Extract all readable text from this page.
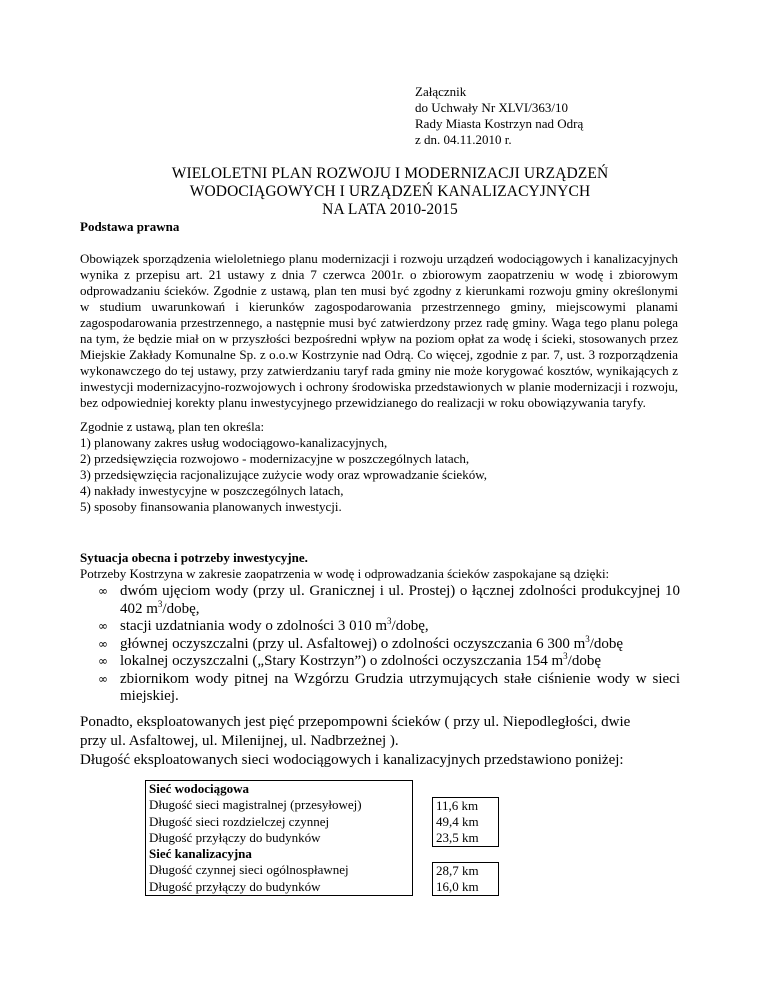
Załącznik
do Uchwały Nr XLVI/363/10
Rady Miasta Kostrzyn nad Odrą
z dn. 04.11.2010 r.
WIELOLETNI PLAN ROZWOJU I MODERNIZACJI URZĄDZEŃ
WODOCIĄGOWYCH I URZĄDZEŃ KANALIZACYJNYCH
NA LATA 2010-2015
Podstawa prawna
Obowiązek sporządzenia wieloletniego planu modernizacji i rozwoju urządzeń wodociągowych i kanalizacyjnych wynika z przepisu art. 21 ustawy z dnia 7 czerwca 2001r. o zbiorowym zaopatrzeniu w wodę i zbiorowym odprowadzaniu ścieków. Zgodnie z ustawą, plan ten musi być zgodny z kierunkami rozwoju gminy określonymi w studium uwarunkowań i kierunków zagospodarowania przestrzennego gminy, miejscowymi planami zagospodarowania przestrzennego, a następnie musi być zatwierdzony przez radę gminy. Waga tego planu polega na tym, że będzie miał on w przyszłości bezpośredni wpływ na poziom opłat za wodę i ścieki, stosowanych przez Miejskie Zakłady Komunalne Sp. z o.o.w Kostrzynie nad Odrą. Co więcej, zgodnie z par. 7, ust. 3 rozporządzenia wykonawczego do tej ustawy, przy zatwierdzaniu taryf rada gminy nie może korygować kosztów, wynikających z inwestycji modernizacyjno-rozwojowych i ochrony środowiska przedstawionych w planie modernizacji i rozwoju, bez odpowiedniej korekty planu inwestycyjnego przewidzianego do realizacji w roku obowiązywania taryfy.
Zgodnie z ustawą, plan ten określa:
1) planowany zakres usług wodociągowo-kanalizacyjnych,
2) przedsięwzięcia rozwojowo - modernizacyjne w poszczególnych latach,
3) przedsięwzięcia racjonalizujące zużycie wody oraz wprowadzanie ścieków,
4) nakłady inwestycyjne w poszczególnych latach,
5) sposoby finansowania planowanych inwestycji.
Sytuacja obecna i potrzeby inwestycyjne.
Potrzeby Kostrzyna w zakresie zaopatrzenia w wodę i odprowadzania ścieków zaspokajane są dzięki:
∞ dwóm ujęciom wody (przy ul. Granicznej i ul. Prostej) o łącznej zdolności produkcyjnej 10 402 $m^3$/dobę,
∞ stacji uzdatniania wody o zdolności 3 010 $m^3$/dobę,
∞ głównej oczyszczalni (przy ul. Asfaltowej) o zdolności oczyszczania 6 300 $m^3$/dobę
∞ lokalnej oczyszczalni („Stary Kostrzyn”) o zdolności oczyszczania 154 $m^3$/dobę
∞ zbiornikom wody pitnej na Wzgórzu Grudzia utrzymujących stałe ciśnienie wody w sieci miejskiej.
Ponadto, eksploatowanych jest pięć przepompowni ścieków ( przy ul. Niepodległości, dwie
przy ul. Asfaltowej, ul. Milenijnej, ul. Nadbrzeżnej ).
Długość eksploatowanych sieci wodociągowych i kanalizacyjnych przedstawiono poniżej:
Sieć wodociągowa		
Długość sieci magistralnej (przesyłowej)		11,6 km
Długość sieci rozdzielczej czynnej		49,4 km
Długość przyłączy do budynków		23,5 km
Sieć kanalizacyjna		
Długość czynnej sieci ogólnospławnej		28,7 km
Długość przyłączy do budynków		16,0 km
